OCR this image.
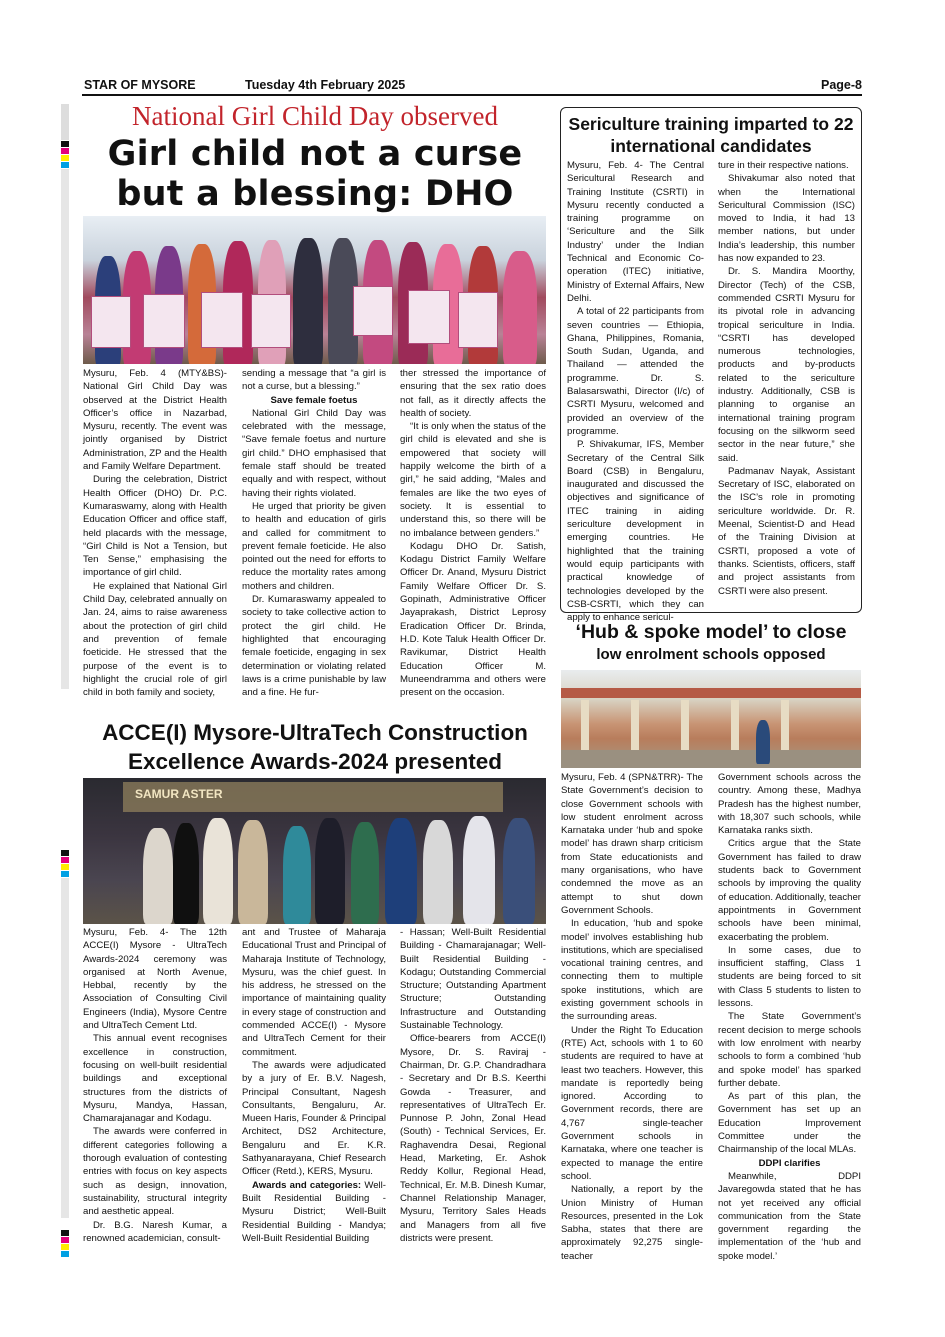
STAR OF MYSORE	Tuesday 4th February 2025	Page-8
National Girl Child Day observed
Girl child not a curse but a blessing: DHO

Mysuru, Feb. 4 (MTY&BS)- National Girl Child Day was observed at the District Health Officer’s office in Nazarbad, Mysuru, recently. The event was jointly organised by District Administration, ZP and the Health and Family Welfare Department.

During the celebration, District Health Officer (DHO) Dr. P.C. Kumaraswamy, along with Health Education Officer and office staff, held placards with the message, “Girl Child is Not a Tension, but Ten Sense,” emphasising the importance of girl child.

He explained that National Girl Child Day, celebrated annually on Jan. 24, aims to raise awareness about the protection of girl child and prevention of female foeticide. He stressed that the purpose of the event is to highlight the crucial role of girl child in both family and society,

sending a message that “a girl is not a curse, but a blessing.”

Save female foetus

National Girl Child Day was celebrated with the message, “Save female foetus and nurture girl child.” DHO emphasised that female staff should be treated equally and with respect, without having their rights violated.

He urged that priority be given to health and education of girls and called for commitment to prevent female foeticide. He also pointed out the need for efforts to reduce the mortality rates among mothers and children.

Dr. Kumaraswamy appealed to society to take collective action to protect the girl child. He highlighted that encouraging female foeticide, engaging in sex determination or violating related laws is a crime punishable by law and a fine. He fur-

ther stressed the importance of ensuring that the sex ratio does not fall, as it directly affects the health of society.

“It is only when the status of the girl child is elevated and she is empowered that society will happily welcome the birth of a girl,” he said adding, “Males and females are like the two eyes of society. It is essential to understand this, so there will be no imbalance between genders.”

Kodagu DHO Dr. Satish, Kodagu District Family Welfare Officer Dr. Anand, Mysuru District Family Welfare Officer Dr. S. Gopinath, Administrative Officer Jayaprakash, District Leprosy Eradication Officer Dr. Brinda, H.D. Kote Taluk Health Officer Dr. Ravikumar, District Health Education Officer M. Muneendramma and others were present on the occasion.

ACCE(I) Mysore-UltraTech Construction Excellence Awards-2024 presented
SAMUR ASTER

Mysuru, Feb. 4- The 12th ACCE(I) Mysore - UltraTech Awards-2024 ceremony was organised at North Avenue, Hebbal, recently by the Association of Consulting Civil Engineers (India), Mysore Centre and UltraTech Cement Ltd.

This annual event recognises excellence in construction, focusing on well-built residential buildings and exceptional structures from the districts of Mysuru, Mandya, Hassan, Chamarajanagar and Kodagu.

The awards were conferred in different categories following a thorough evaluation of contesting entries with focus on key aspects such as design, innovation, sustainability, structural integrity and aesthetic appeal.

Dr. B.G. Naresh Kumar, a renowned academician, consult-

ant and Trustee of Maharaja Educational Trust and Principal of Maharaja Institute of Technology, Mysuru, was the chief guest. In his address, he stressed on the importance of maintaining quality in every stage of construction and commended ACCE(I) - Mysore and UltraTech Cement for their commitment.

The awards were adjudicated by a jury of Er. B.V. Nagesh, Principal Consultant, Nagesh Consultants, Bengaluru, Ar. Mueen Haris, Founder & Principal Architect, DS2 Architecture, Bengaluru and Er. K.R. Sathyanarayana, Chief Research Officer (Retd.), KERS, Mysuru.

Awards and categories: Well-Built Residential Building - Mysuru District; Well-Built Residential Building - Mandya; Well-Built Residential Building

- Hassan; Well-Built Residential Building - Chamarajanagar; Well-Built Residential Building - Kodagu; Outstanding Commercial Structure; Outstanding Apartment Structure; Outstanding Infrastructure and Outstanding Sustainable Technology.

Office-bearers from ACCE(I) Mysore, Dr. S. Raviraj - Chairman, Dr. G.P. Chandradhara - Secretary and Dr B.S. Keerthi Gowda - Treasurer, and representatives of UltraTech Er. Punnose P. John, Zonal Head (South) - Technical Services, Er. Raghavendra Desai, Regional Head, Marketing, Er. Ashok Reddy Kollur, Regional Head, Technical, Er. M.B. Dinesh Kumar, Channel Relationship Manager, Mysuru, Territory Sales Heads and Managers from all five districts were present.

Sericulture training imparted to 22 international candidates

Mysuru, Feb. 4- The Central Sericultural Research and Training Institute (CSRTI) in Mysuru recently conducted a training programme on ‘Sericulture and the Silk Industry’ under the Indian Technical and Economic Co-operation (ITEC) initiative, Ministry of External Affairs, New Delhi.

A total of 22 participants from seven countries — Ethiopia, Ghana, Philippines, Romania, South Sudan, Uganda, and Thailand — attended the programme. Dr. S. Balasarswathi, Director (I/c) of CSRTI Mysuru, welcomed and provided an overview of the programme.

P. Shivakumar, IFS, Member Secretary of the Central Silk Board (CSB) in Bengaluru, inaugurated and discussed the objectives and significance of ITEC training in aiding sericulture development in emerging countries. He highlighted that the training would equip participants with practical knowledge of technologies developed by the CSB-CSRTI, which they can apply to enhance sericul-

ture in their respective nations.

Shivakumar also noted that when the International Sericultural Commission (ISC) moved to India, it had 13 member nations, but under India’s leadership, this number has now expanded to 23.

Dr. S. Mandira Moorthy, Director (Tech) of the CSB, commended CSRTI Mysuru for its pivotal role in advancing tropical sericulture in India. “CSRTI has developed numerous technologies, products and by-products related to the sericulture industry. Additionally, CSB is planning to organise an international training program focusing on the silkworm seed sector in the near future,” she said.

Padmanav Nayak, Assistant Secretary of ISC, elaborated on the ISC’s role in promoting sericulture worldwide. Dr. R. Meenal, Scientist-D and Head of the Training Division at CSRTI, proposed a vote of thanks. Scientists, officers, staff and project assistants from CSRTI were also present.

‘Hub & spoke model’ to close
low enrolment schools opposed

Mysuru, Feb. 4 (SPN&TRR)- The State Government’s decision to close Government schools with low student enrolment across Karnataka under ‘hub and spoke model’ has drawn sharp criticism from State educationists and many organisations, who have condemned the move as an attempt to shut down Government Schools.

In education, ‘hub and spoke model’ involves establishing hub institutions, which are specialised vocational training centres, and connecting them to multiple spoke institutions, which are existing government schools in the surrounding areas.

Under the Right To Education (RTE) Act, schools with 1 to 60 students are required to have at least two teachers. However, this mandate is reportedly being ignored. According to Government records, there are 4,767 single-teacher Government schools in Karnataka, where one teacher is expected to manage the entire school.

Nationally, a report by the Union Ministry of Human Resources, presented in the Lok Sabha, states that there are approximately 92,275 single-teacher

Government schools across the country. Among these, Madhya Pradesh has the highest number, with 18,307 such schools, while Karnataka ranks sixth.

Critics argue that the State Government has failed to draw students back to Government schools by improving the quality of education. Additionally, teacher appointments in Government schools have been minimal, exacerbating the problem.

In some cases, due to insufficient staffing, Class 1 students are being forced to sit with Class 5 students to listen to lessons.

The State Government’s recent decision to merge schools with low enrolment with nearby schools to form a combined ‘hub and spoke model’ has sparked further debate.

As part of this plan, the Government has set up an Education Improvement Committee under the Chairmanship of the local MLAs.

DDPI clarifies

Meanwhile, DDPI Javaregowda stated that he has not yet received any official communication from the State government regarding the implementation of the ‘hub and spoke model.’
